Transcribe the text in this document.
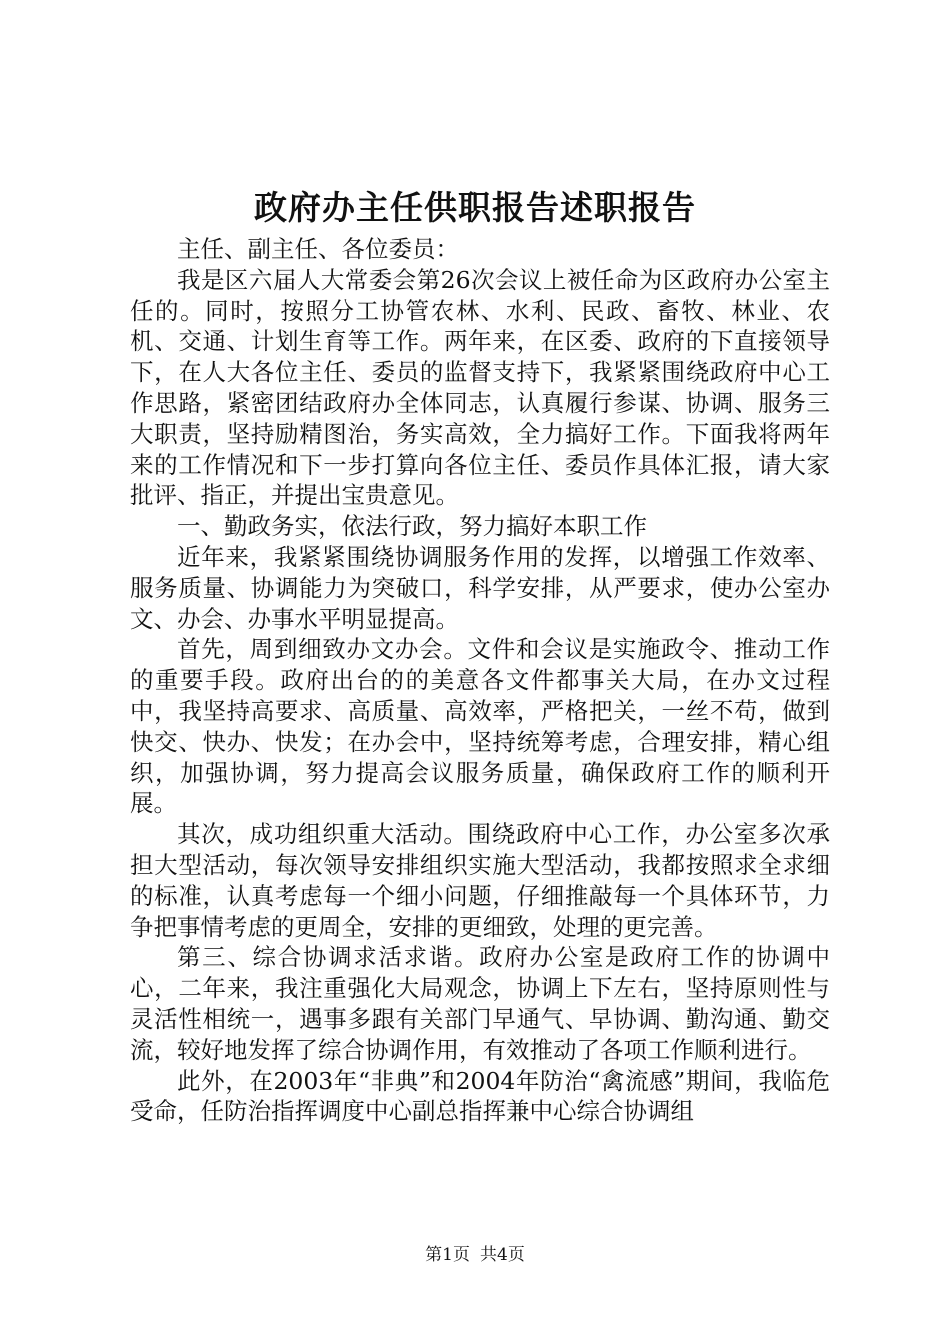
政府办主任供职报告述职报告

主任、副主任、各位委员：

我是区六届人大常委会第26次会议上被任命为区政府办公室主任的。同时，按照分工协管农林、水利、民政、畜牧、林业、农机、交通、计划生育等工作。两年来，在区委、政府的下直接领导下，在人大各位主任、委员的监督支持下，我紧紧围绕政府中心工作思路，紧密团结政府办全体同志，认真履行参谋、协调、服务三大职责，坚持励精图治，务实高效，全力搞好工作。下面我将两年来的工作情况和下一步打算向各位主任、委员作具体汇报，请大家批评、指正，并提出宝贵意见。

一、勤政务实，依法行政，努力搞好本职工作

近年来，我紧紧围绕协调服务作用的发挥，以增强工作效率、服务质量、协调能力为突破口，科学安排，从严要求，使办公室办文、办会、办事水平明显提高。

首先，周到细致办文办会。文件和会议是实施政令、推动工作的重要手段。政府出台的的美意各文件都事关大局，在办文过程中，我坚持高要求、高质量、高效率，严格把关，一丝不苟，做到快交、快办、快发；在办会中，坚持统筹考虑，合理安排，精心组织，加强协调，努力提高会议服务质量，确保政府工作的顺利开展。

其次，成功组织重大活动。围绕政府中心工作，办公室多次承担大型活动，每次领导安排组织实施大型活动，我都按照求全求细的标准，认真考虑每一个细小问题，仔细推敲每一个具体环节，力争把事情考虑的更周全，安排的更细致，处理的更完善。

第三、综合协调求活求谐。政府办公室是政府工作的协调中心，二年来，我注重强化大局观念，协调上下左右，坚持原则性与灵活性相统一，遇事多跟有关部门早通气、早协调、勤沟通、勤交流，较好地发挥了综合协调作用，有效推动了各项工作顺利进行。

此外，在2003年“非典”和2004年防治“禽流感”期间，我临危受命，任防治指挥调度中心副总指挥兼中心综合协调组

第1页 共4页
